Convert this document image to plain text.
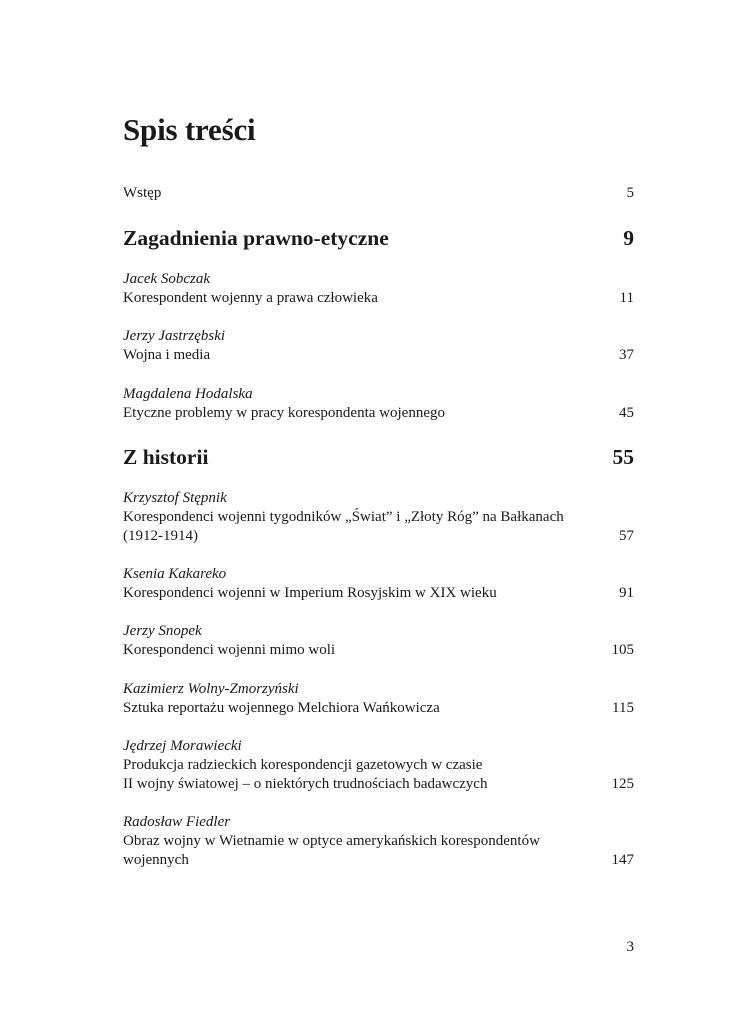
Spis treści
Wstęp	5
Zagadnienia prawno-etyczne	9
Jacek Sobczak
Korespondent wojenny a prawa człowieka	11
Jerzy Jastrzębski
Wojna i media	37
Magdalena Hodalska
Etyczne problemy w pracy korespondenta wojennego	45
Z historii	55
Krzysztof Stępnik
Korespondenci wojenni tygodników „Świat” i „Złoty Róg” na Bałkanach
(1912-1914)	57
Ksenia Kakareko
Korespondenci wojenni w Imperium Rosyjskim w XIX wieku	91
Jerzy Snopek
Korespondenci wojenni mimo woli	105
Kazimierz Wolny-Zmorzyński
Sztuka reportażu wojennego Melchiora Wańkowicza	115
Jędrzej Morawiecki
Produkcja radzieckich korespondencji gazetowych w czasie
II wojny światowej – o niektórych trudnościach badawczych	125
Radosław Fiedler
Obraz wojny w Wietnamie w optyce amerykańskich korespondentów
wojennych	147
3
